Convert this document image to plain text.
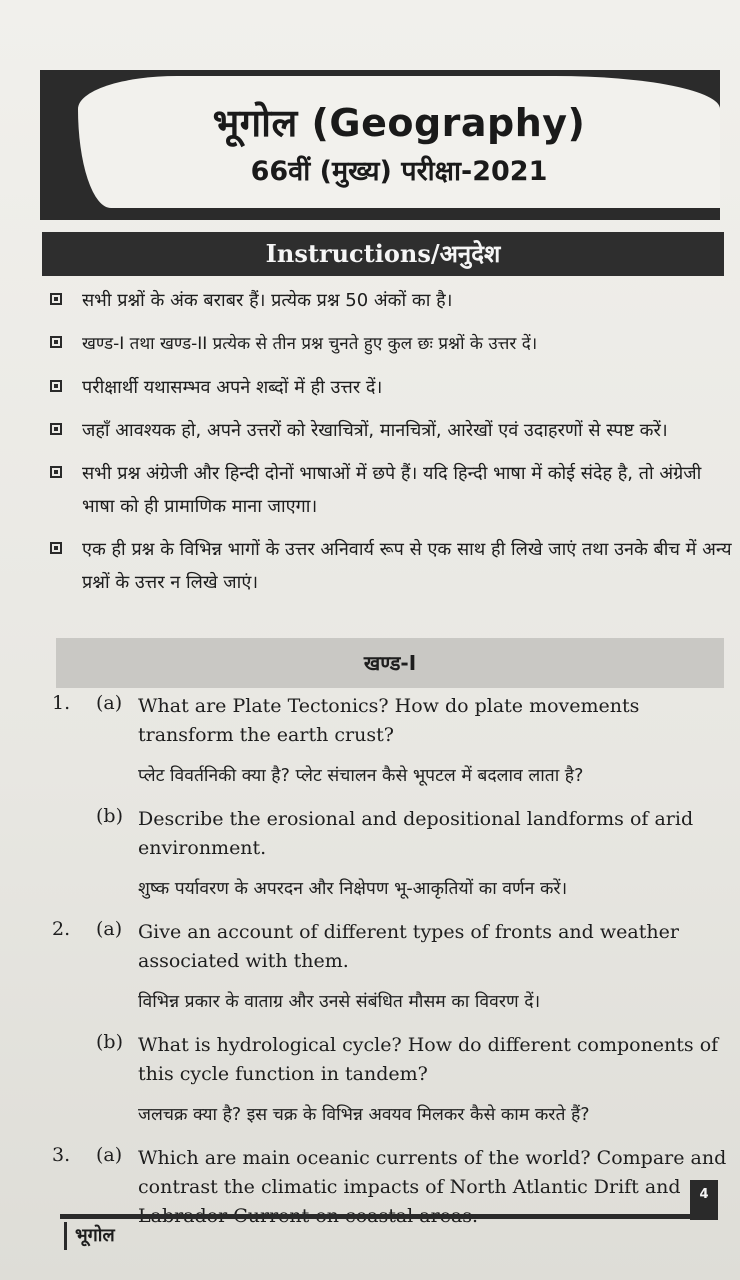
भूगोल (Geography)
66वीं (मुख्य) परीक्षा-2021
Instructions/अनुदेश
सभी प्रश्नों के अंक बराबर हैं। प्रत्येक प्रश्न 50 अंकों का है।
खण्ड-I तथा खण्ड-II प्रत्येक से तीन प्रश्न चुनते हुए कुल छः प्रश्नों के उत्तर दें।
परीक्षार्थी यथासम्भव अपने शब्दों में ही उत्तर दें।
जहाँ आवश्यक हो, अपने उत्तरों को रेखाचित्रों, मानचित्रों, आरेखों एवं उदाहरणों से स्पष्ट करें।
सभी प्रश्न अंग्रेजी और हिन्दी दोनों भाषाओं में छपे हैं। यदि हिन्दी भाषा में कोई संदेह है, तो अंग्रेजी भाषा को ही प्रामाणिक माना जाएगा।
एक ही प्रश्न के विभिन्न भागों के उत्तर अनिवार्य रूप से एक साथ ही लिखे जाएं तथा उनके बीच में अन्य प्रश्नों के उत्तर न लिखे जाएं।
खण्ड-I
1.	(a) What are Plate Tectonics? How do plate movements transform the earth crust?
प्लेट विवर्तनिकी क्या है? प्लेट संचालन कैसे भूपटल में बदलाव लाता है?
(b) Describe the erosional and depositional landforms of arid environment.
शुष्क पर्यावरण के अपरदन और निक्षेपण भू-आकृतियों का वर्णन करें।
2.	(a) Give an account of different types of fronts and weather associated with them.
विभिन्न प्रकार के वाताग्र और उनसे संबंधित मौसम का विवरण दें।
(b) What is hydrological cycle? How do different components of this cycle function in tandem?
जलचक्र क्या है? इस चक्र के विभिन्न अवयव मिलकर कैसे काम करते हैं?
3.	(a) Which are main oceanic currents of the world? Compare and contrast the climatic impacts of North Atlantic Drift and
भूगोल
4
